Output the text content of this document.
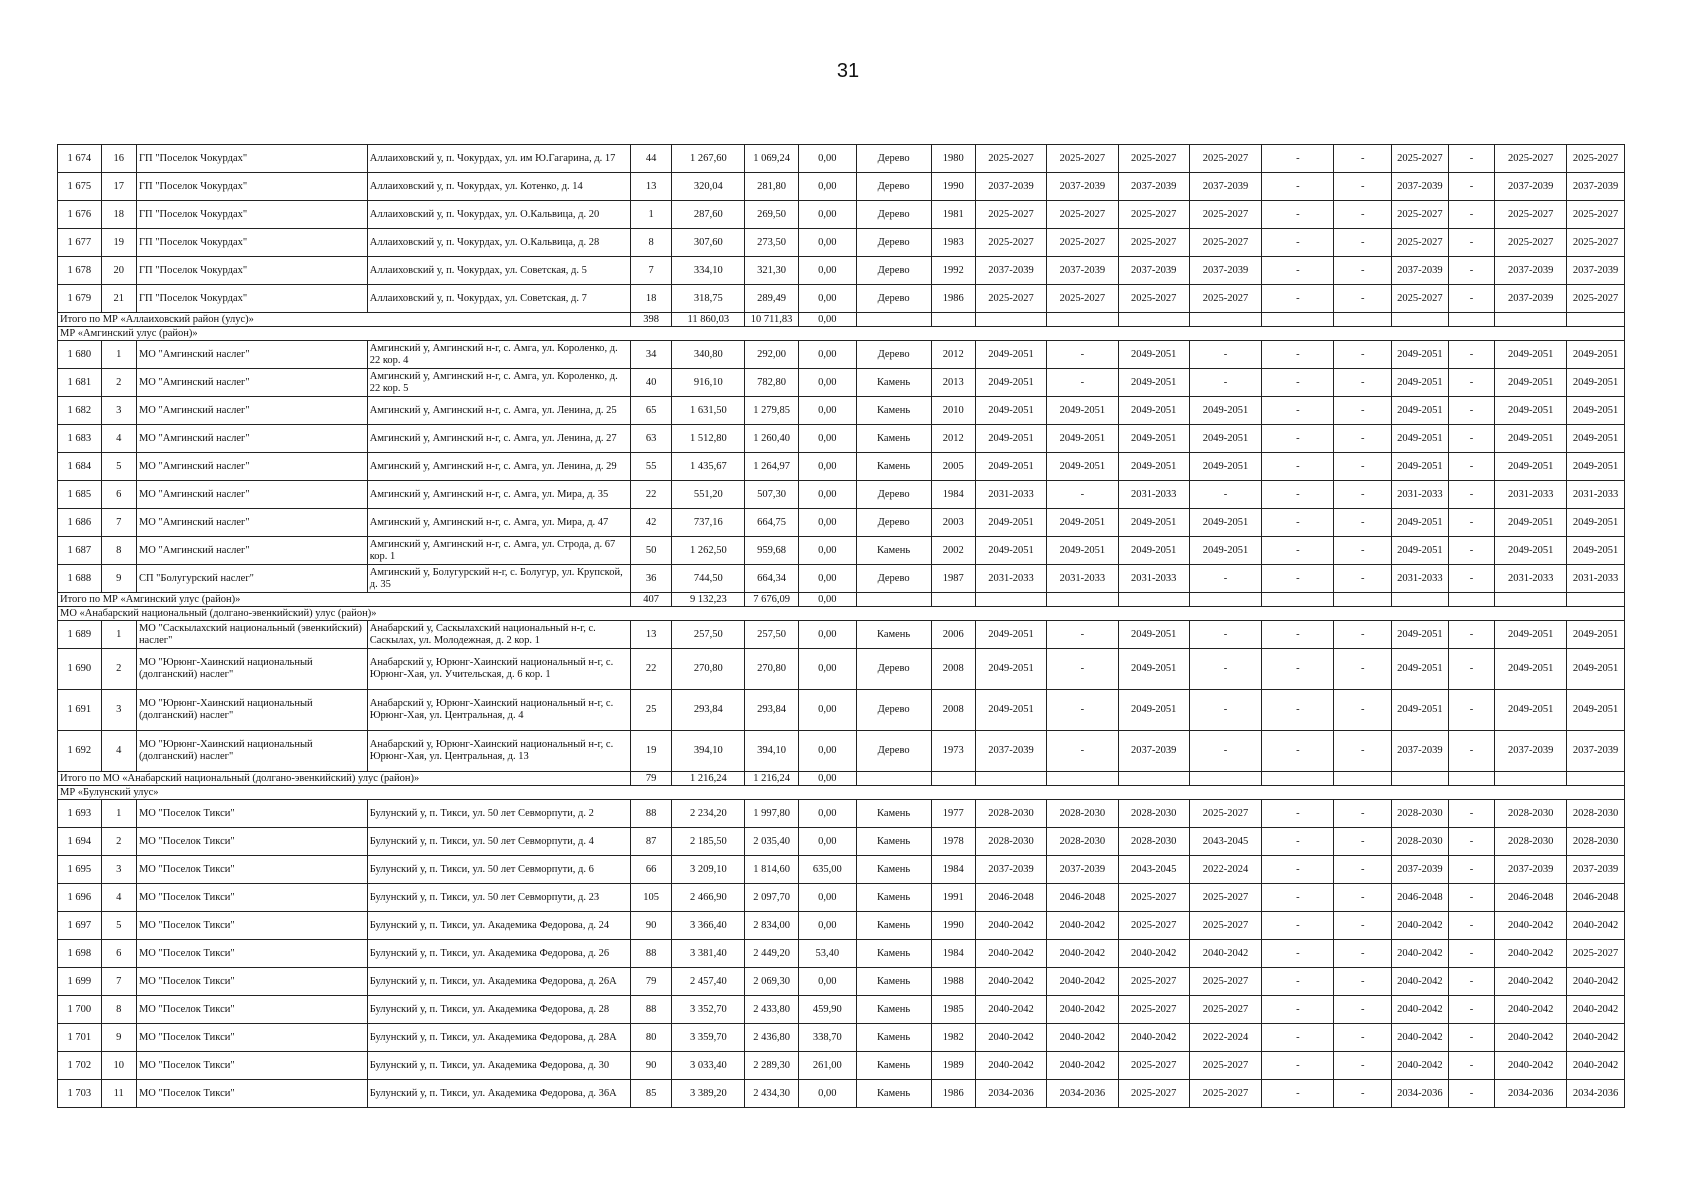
31
1 674	16	ГП "Поселок Чокурдах"	Аллаиховский у, п. Чокурдах, ул. им Ю.Гагарина, д. 17	44	1 267,60	1 069,24	0,00	Дерево	1980	2025-2027	2025-2027	2025-2027	2025-2027	-	-	2025-2027	-	2025-2027	2025-2027
1 675	17	ГП "Поселок Чокурдах"	Аллаиховский у, п. Чокурдах, ул. Котенко, д. 14	13	320,04	281,80	0,00	Дерево	1990	2037-2039	2037-2039	2037-2039	2037-2039	-	-	2037-2039	-	2037-2039	2037-2039
1 676	18	ГП "Поселок Чокурдах"	Аллаиховский у, п. Чокурдах, ул. О.Кальвица, д. 20	1	287,60	269,50	0,00	Дерево	1981	2025-2027	2025-2027	2025-2027	2025-2027	-	-	2025-2027	-	2025-2027	2025-2027
1 677	19	ГП "Поселок Чокурдах"	Аллаиховский у, п. Чокурдах, ул. О.Кальвица, д. 28	8	307,60	273,50	0,00	Дерево	1983	2025-2027	2025-2027	2025-2027	2025-2027	-	-	2025-2027	-	2025-2027	2025-2027
1 678	20	ГП "Поселок Чокурдах"	Аллаиховский у, п. Чокурдах, ул. Советская, д. 5	7	334,10	321,30	0,00	Дерево	1992	2037-2039	2037-2039	2037-2039	2037-2039	-	-	2037-2039	-	2037-2039	2037-2039
1 679	21	ГП "Поселок Чокурдах"	Аллаиховский у, п. Чокурдах, ул. Советская, д. 7	18	318,75	289,49	0,00	Дерево	1986	2025-2027	2025-2027	2025-2027	2025-2027	-	-	2025-2027	-	2037-2039	2025-2027
Итого по МР «Аллаиховский район (улус)»				398	11 860,03	10 711,83	0,00												
МР «Амгинский улус (район)»																			
1 680	1	МО "Амгинский наслег"	Амгинский у, Амгинский н-г, с. Амга, ул. Короленко, д. 22 кор. 4	34	340,80	292,00	0,00	Дерево	2012	2049-2051	-	2049-2051	-	-	-	2049-2051	-	2049-2051	2049-2051
1 681	2	МО "Амгинский наслег"	Амгинский у, Амгинский н-г, с. Амга, ул. Короленко, д. 22 кор. 5	40	916,10	782,80	0,00	Камень	2013	2049-2051	-	2049-2051	-	-	-	2049-2051	-	2049-2051	2049-2051
1 682	3	МО "Амгинский наслег"	Амгинский у, Амгинский н-г, с. Амга, ул. Ленина, д. 25	65	1 631,50	1 279,85	0,00	Камень	2010	2049-2051	2049-2051	2049-2051	2049-2051	-	-	2049-2051	-	2049-2051	2049-2051
1 683	4	МО "Амгинский наслег"	Амгинский у, Амгинский н-г, с. Амга, ул. Ленина, д. 27	63	1 512,80	1 260,40	0,00	Камень	2012	2049-2051	2049-2051	2049-2051	2049-2051	-	-	2049-2051	-	2049-2051	2049-2051
1 684	5	МО "Амгинский наслег"	Амгинский у, Амгинский н-г, с. Амга, ул. Ленина, д. 29	55	1 435,67	1 264,97	0,00	Камень	2005	2049-2051	2049-2051	2049-2051	2049-2051	-	-	2049-2051	-	2049-2051	2049-2051
1 685	6	МО "Амгинский наслег"	Амгинский у, Амгинский н-г, с. Амга, ул. Мира, д. 35	22	551,20	507,30	0,00	Дерево	1984	2031-2033	-	2031-2033	-	-	-	2031-2033	-	2031-2033	2031-2033
1 686	7	МО "Амгинский наслег"	Амгинский у, Амгинский н-г, с. Амга, ул. Мира, д. 47	42	737,16	664,75	0,00	Дерево	2003	2049-2051	2049-2051	2049-2051	2049-2051	-	-	2049-2051	-	2049-2051	2049-2051
1 687	8	МО "Амгинский наслег"	Амгинский у, Амгинский н-г, с. Амга, ул. Строда, д. 67 кор. 1	50	1 262,50	959,68	0,00	Камень	2002	2049-2051	2049-2051	2049-2051	2049-2051	-	-	2049-2051	-	2049-2051	2049-2051
1 688	9	СП "Болугурский наслег"	Амгинский у, Болугурский н-г, с. Болугур, ул. Крупской, д. 35	36	744,50	664,34	0,00	Дерево	1987	2031-2033	2031-2033	2031-2033	-	-	-	2031-2033	-	2031-2033	2031-2033
Итого по МР «Амгинский улус (район)»				407	9 132,23	7 676,09	0,00												
МО «Анабарский национальный (долгано-эвенкийский) улус (район)»																			
1 689	1	МО "Саскылахский национальный (эвенкийский) наслег"	Анабарский у, Саскылахский национальный н-г, с. Саскылах, ул. Молодежная, д. 2 кор. 1	13	257,50	257,50	0,00	Камень	2006	2049-2051	-	2049-2051	-	-	-	2049-2051	-	2049-2051	2049-2051
1 690	2	МО "Юрюнг-Хаинский национальный (долганский) наслег"	Анабарский у, Юрюнг-Хаинский национальный н-г, с. Юрюнг-Хая, ул. Учительская, д. 6 кор. 1	22	270,80	270,80	0,00	Дерево	2008	2049-2051	-	2049-2051	-	-	-	2049-2051	-	2049-2051	2049-2051
1 691	3	МО "Юрюнг-Хаинский национальный (долганский) наслег"	Анабарский у, Юрюнг-Хаинский национальный н-г, с. Юрюнг-Хая, ул. Центральная, д. 4	25	293,84	293,84	0,00	Дерево	2008	2049-2051	-	2049-2051	-	-	-	2049-2051	-	2049-2051	2049-2051
1 692	4	МО "Юрюнг-Хаинский национальный (долганский) наслег"	Анабарский у, Юрюнг-Хаинский национальный н-г, с. Юрюнг-Хая, ул. Центральная, д. 13	19	394,10	394,10	0,00	Дерево	1973	2037-2039	-	2037-2039	-	-	-	2037-2039	-	2037-2039	2037-2039
Итого по МО «Анабарский национальный (долгано-эвенкийский) улус (район)»				79	1 216,24	1 216,24	0,00												
МР «Булунский улус»																			
1 693	1	МО "Поселок Тикси"	Булунский у, п. Тикси, ул. 50 лет Севморпути, д. 2	88	2 234,20	1 997,80	0,00	Камень	1977	2028-2030	2028-2030	2028-2030	2025-2027	-	-	2028-2030	-	2028-2030	2028-2030
1 694	2	МО "Поселок Тикси"	Булунский у, п. Тикси, ул. 50 лет Севморпути, д. 4	87	2 185,50	2 035,40	0,00	Камень	1978	2028-2030	2028-2030	2028-2030	2043-2045	-	-	2028-2030	-	2028-2030	2028-2030
1 695	3	МО "Поселок Тикси"	Булунский у, п. Тикси, ул. 50 лет Севморпути, д. 6	66	3 209,10	1 814,60	635,00	Камень	1984	2037-2039	2037-2039	2043-2045	2022-2024	-	-	2037-2039	-	2037-2039	2037-2039
1 696	4	МО "Поселок Тикси"	Булунский у, п. Тикси, ул. 50 лет Севморпути, д. 23	105	2 466,90	2 097,70	0,00	Камень	1991	2046-2048	2046-2048	2025-2027	2025-2027	-	-	2046-2048	-	2046-2048	2046-2048
1 697	5	МО "Поселок Тикси"	Булунский у, п. Тикси, ул. Академика Федорова, д. 24	90	3 366,40	2 834,00	0,00	Камень	1990	2040-2042	2040-2042	2025-2027	2025-2027	-	-	2040-2042	-	2040-2042	2040-2042
1 698	6	МО "Поселок Тикси"	Булунский у, п. Тикси, ул. Академика Федорова, д. 26	88	3 381,40	2 449,20	53,40	Камень	1984	2040-2042	2040-2042	2040-2042	2040-2042	-	-	2040-2042	-	2040-2042	2025-2027
1 699	7	МО "Поселок Тикси"	Булунский у, п. Тикси, ул. Академика Федорова, д. 26А	79	2 457,40	2 069,30	0,00	Камень	1988	2040-2042	2040-2042	2025-2027	2025-2027	-	-	2040-2042	-	2040-2042	2040-2042
1 700	8	МО "Поселок Тикси"	Булунский у, п. Тикси, ул. Академика Федорова, д. 28	88	3 352,70	2 433,80	459,90	Камень	1985	2040-2042	2040-2042	2025-2027	2025-2027	-	-	2040-2042	-	2040-2042	2040-2042
1 701	9	МО "Поселок Тикси"	Булунский у, п. Тикси, ул. Академика Федорова, д. 28А	80	3 359,70	2 436,80	338,70	Камень	1982	2040-2042	2040-2042	2040-2042	2022-2024	-	-	2040-2042	-	2040-2042	2040-2042
1 702	10	МО "Поселок Тикси"	Булунский у, п. Тикси, ул. Академика Федорова, д. 30	90	3 033,40	2 289,30	261,00	Камень	1989	2040-2042	2040-2042	2025-2027	2025-2027	-	-	2040-2042	-	2040-2042	2040-2042
1 703	11	МО "Поселок Тикси"	Булунский у, п. Тикси, ул. Академика Федорова, д. 36А	85	3 389,20	2 434,30	0,00	Камень	1986	2034-2036	2034-2036	2025-2027	2025-2027	-	-	2034-2036	-	2034-2036	2034-2036
